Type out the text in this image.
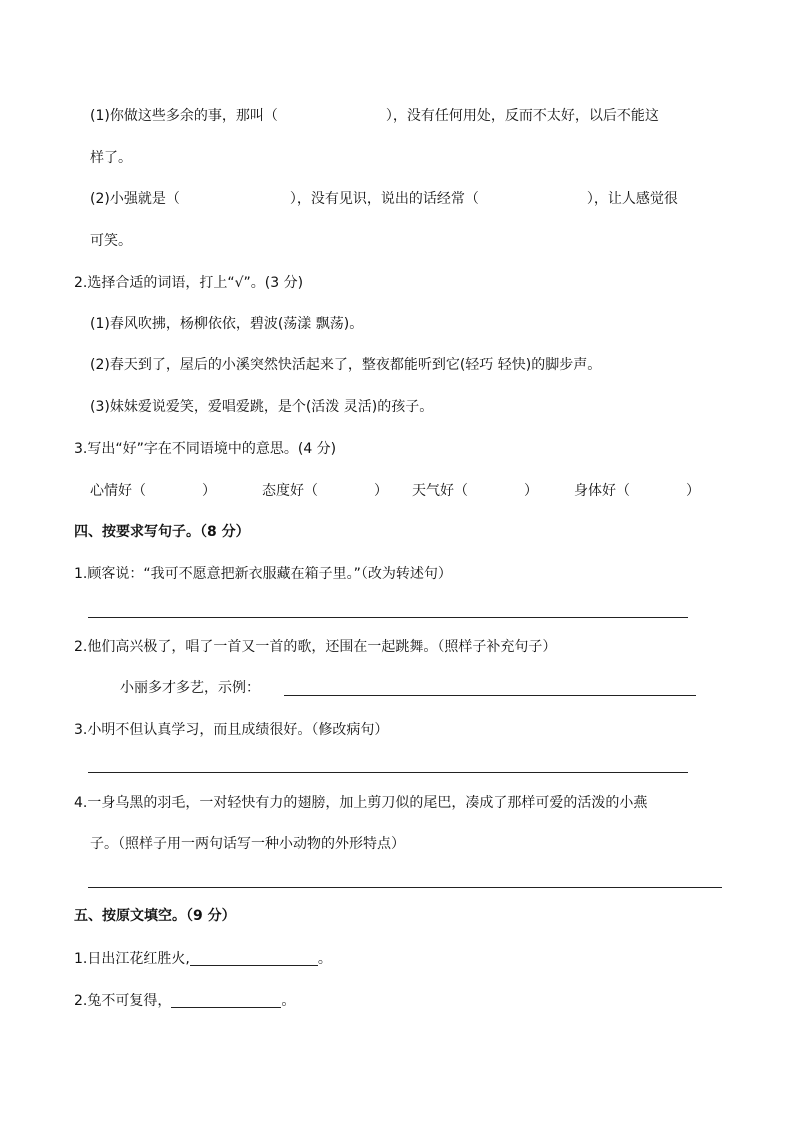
(1)你做这些多余的事，那叫（	），没有任何用处，反而不太好，以后不能这
样了。
(2)小强就是（	），没有见识，说出的话经常（	），让人感觉很
可笑。
2.选择合适的词语，打上“√”。(3 分)
(1)春风吹拂，杨柳依依，碧波(荡漾 飘荡)。
(2)春天到了，屋后的小溪突然快活起来了，整夜都能听到它(轻巧 轻快)的脚步声。
(3)妹妹爱说爱笑，爱唱爱跳，是个(活泼 灵活)的孩子。
3.写出“好”字在不同语境中的意思。(4 分)
心情好（	）	态度好（	） 天气好（	）	身体好（	）
四、按要求写句子。（8 分）
1.顾客说：“我可不愿意把新衣服藏在箱子里。”（改为转述句）
2.他们高兴极了，唱了一首又一首的歌，还围在一起跳舞。（照样子补充句子）
小丽多才多艺，示例：
3.小明不但认真学习，而且成绩很好。（修改病句）
4.一身乌黑的羽毛，一对轻快有力的翅膀，加上剪刀似的尾巴，凑成了那样可爱的活泼的小燕
子。（照样子用一两句话写一种小动物的外形特点）
五、按原文填空。（9 分）
1.日出江花红胜火,	。
2.兔不可复得，	。
